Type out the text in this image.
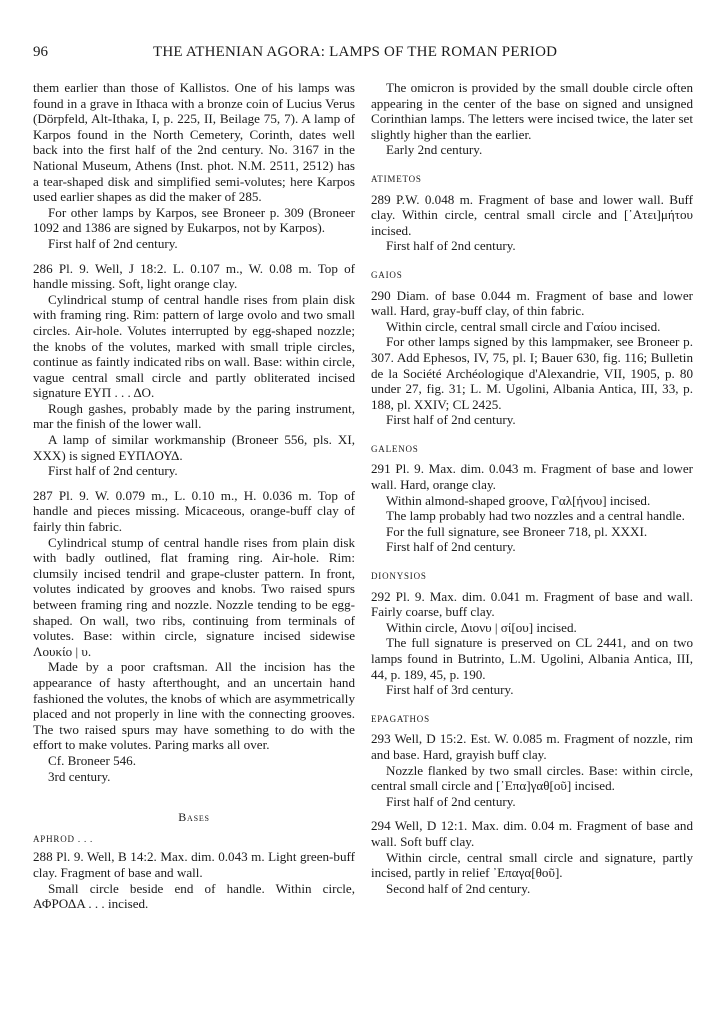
96	THE ATHENIAN AGORA: LAMPS OF THE ROMAN PERIOD

them earlier than those of Kallistos. One of his lamps was found in a grave in Ithaca with a bronze coin of Lucius Verus (Dörpfeld, Alt-Ithaka, I, p. 225, II, Beilage 75, 7). A lamp of Karpos found in the North Cemetery, Corinth, dates well back into the first half of the 2nd century. No. 3167 in the National Museum, Athens (Inst. phot. N.M. 2511, 2512) has a tear-shaped disk and simplified semi-volutes; here Karpos used earlier shapes as did the maker of 285.

For other lamps by Karpos, see Broneer p. 309 (Broneer 1092 and 1386 are signed by Eukarpos, not by Karpos).

First half of 2nd century.

286 Pl. 9. Well, J 18:2. L. 0.107 m., W. 0.08 m. Top of handle missing. Soft, light orange clay.

Cylindrical stump of central handle rises from plain disk with framing ring. Rim: pattern of large ovolo and two small circles. Air-hole. Volutes interrupted by egg-shaped nozzle; the knobs of the volutes, marked with small triple circles, continue as faintly indicated ribs on wall. Base: within circle, vague central small circle and partly obliterated incised signature ΕΥΠ . . . ΔΟ.

Rough gashes, probably made by the paring instrument, mar the finish of the lower wall.

A lamp of similar workmanship (Broneer 556, pls. XI, XXX) is signed ΕΥΠΛΟΥΔ.

First half of 2nd century.

287 Pl. 9. W. 0.079 m., L. 0.10 m., H. 0.036 m. Top of handle and pieces missing. Micaceous, orange-buff clay of fairly thin fabric.

Cylindrical stump of central handle rises from plain disk with badly outlined, flat framing ring. Air-hole. Rim: clumsily incised tendril and grape-cluster pattern. In front, volutes indicated by grooves and knobs. Two raised spurs between framing ring and nozzle. Nozzle tending to be egg-shaped. On wall, two ribs, continuing from terminals of volutes. Base: within circle, signature incised sidewise Λουκίο | υ.

Made by a poor craftsman. All the incision has the appearance of hasty afterthought, and an uncertain hand fashioned the volutes, the knobs of which are asymmetrically placed and not properly in line with the connecting grooves. The two raised spurs may have something to do with the effort to make volutes. Paring marks all over.

Cf. Broneer 546.

3rd century.

Bases
APHROD . . .

288 Pl. 9. Well, B 14:2. Max. dim. 0.043 m. Light green-buff clay. Fragment of base and wall.

Small circle beside end of handle. Within circle, ΑΦΡΟΔΑ . . . incised.

The omicron is provided by the small double circle often appearing in the center of the base on signed and unsigned Corinthian lamps. The letters were incised twice, the later set slightly higher than the earlier.

Early 2nd century.

ATIMETOS

289 P.W. 0.048 m. Fragment of base and lower wall. Buff clay. Within circle, central small circle and [᾿Ατει]μήτου incised.

First half of 2nd century.

GAIOS

290 Diam. of base 0.044 m. Fragment of base and lower wall. Hard, gray-buff clay, of thin fabric.

Within circle, central small circle and Γαίου incised.

For other lamps signed by this lampmaker, see Broneer p. 307. Add Ephesos, IV, 75, pl. I; Bauer 630, fig. 116; Bulletin de la Société Archéologique d'Alexandrie, VII, 1905, p. 80 under 27, fig. 31; L. M. Ugolini, Albania Antica, III, 33, p. 188, pl. XXIV; CL 2425.

First half of 2nd century.

GALENOS

291 Pl. 9. Max. dim. 0.043 m. Fragment of base and lower wall. Hard, orange clay.

Within almond-shaped groove, Γαλ[ήνου] incised.

The lamp probably had two nozzles and a central handle.

For the full signature, see Broneer 718, pl. XXXI.

First half of 2nd century.

DIONYSIOS

292 Pl. 9. Max. dim. 0.041 m. Fragment of base and wall. Fairly coarse, buff clay.

Within circle, Διονυ | σί[ου] incised.

The full signature is preserved on CL 2441, and on two lamps found in Butrinto, L.M. Ugolini, Albania Antica, III, 44, p. 189, 45, p. 190.

First half of 3rd century.

EPAGATHOS

293 Well, D 15:2. Est. W. 0.085 m. Fragment of nozzle, rim and base. Hard, grayish buff clay.

Nozzle flanked by two small circles. Base: within circle, central small circle and [᾿Επα]γαθ[οῦ] incised.

First half of 2nd century.

294 Well, D 12:1. Max. dim. 0.04 m. Fragment of base and wall. Soft buff clay.

Within circle, central small circle and signature, partly incised, partly in relief ᾿Επαγα[θοῦ].

Second half of 2nd century.
